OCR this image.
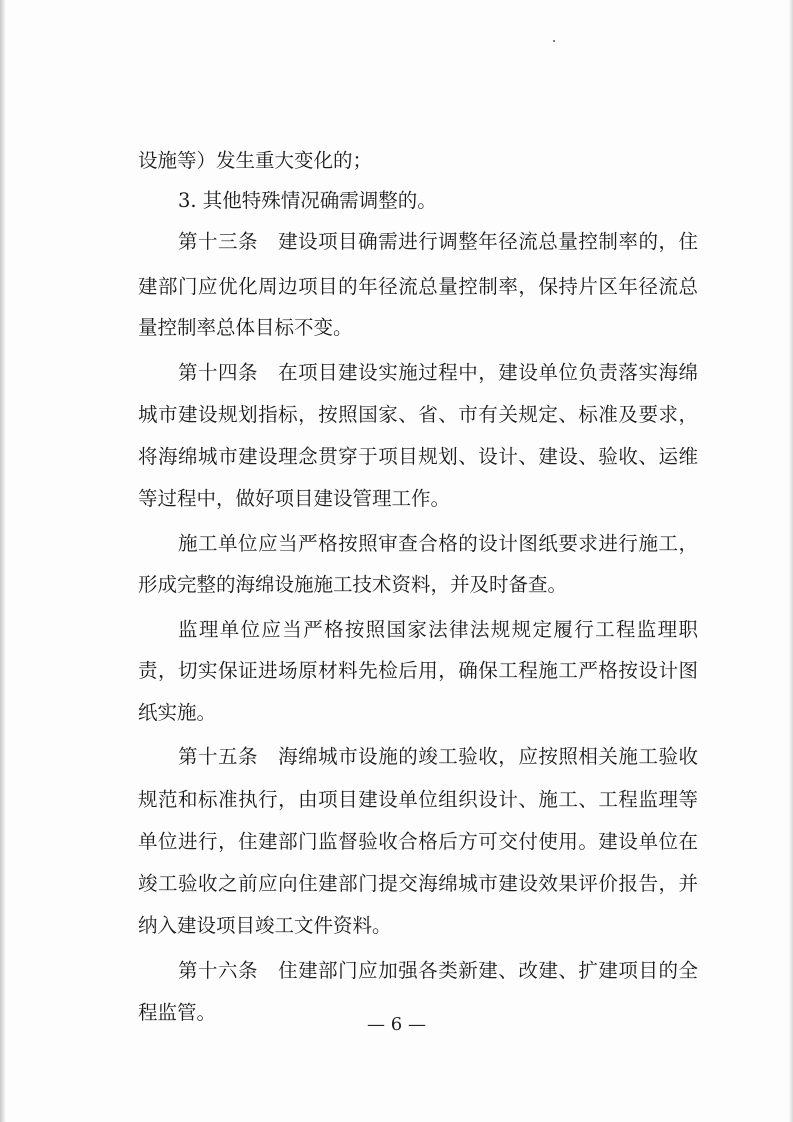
设施等）发生重大变化的；
3. 其他特殊情况确需调整的。
第十三条　建设项目确需进行调整年径流总量控制率的，住
建部门应优化周边项目的年径流总量控制率，保持片区年径流总
量控制率总体目标不变。
第十四条　在项目建设实施过程中，建设单位负责落实海绵
城市建设规划指标，按照国家、省、市有关规定、标准及要求，
将海绵城市建设理念贯穿于项目规划、设计、建设、验收、运维
等过程中，做好项目建设管理工作。
施工单位应当严格按照审查合格的设计图纸要求进行施工，
形成完整的海绵设施施工技术资料，并及时备查。
监理单位应当严格按照国家法律法规规定履行工程监理职
责，切实保证进场原材料先检后用，确保工程施工严格按设计图
纸实施。
第十五条　海绵城市设施的竣工验收，应按照相关施工验收
规范和标准执行，由项目建设单位组织设计、施工、工程监理等
单位进行，住建部门监督验收合格后方可交付使用。建设单位在
竣工验收之前应向住建部门提交海绵城市建设效果评价报告，并
纳入建设项目竣工文件资料。
第十六条　住建部门应加强各类新建、改建、扩建项目的全
程监管。
— 6 —
